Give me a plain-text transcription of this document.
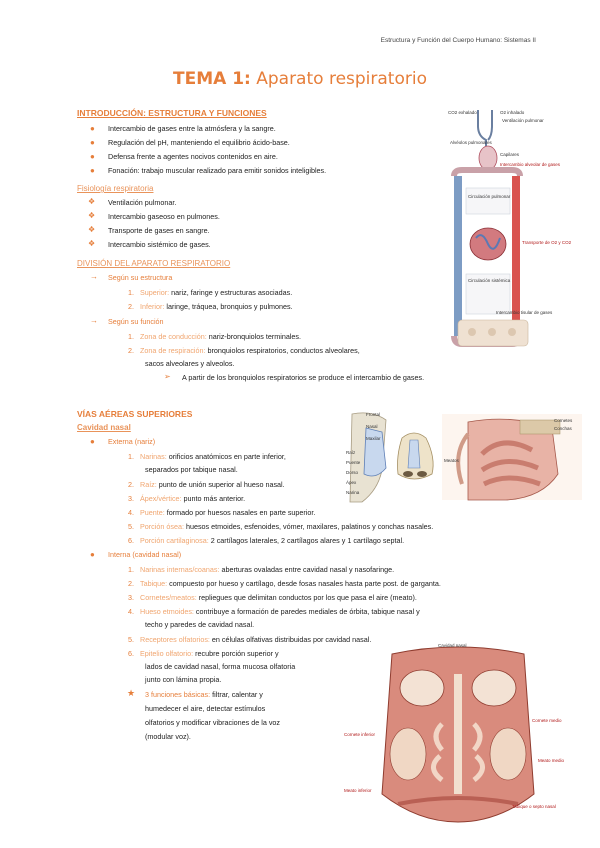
Estructura y Función del Cuerpo Humano: Sistemas II
TEMA 1: Aparato respiratorio
INTRODUCCIÓN: ESTRUCTURA Y FUNCIONES
● Intercambio de gases entre la atmósfera y la sangre.
● Regulación del pH, manteniendo el equilibrio ácido-base.
● Defensa frente a agentes nocivos contenidos en aire.
● Fonación: trabajo muscular realizado para emitir sonidos inteligibles.
Fisiología respiratoria
❖ Ventilación pulmonar.
❖ Intercambio gaseoso en pulmones.
❖ Transporte de gases en sangre.
❖ Intercambio sistémico de gases.
DIVISIÓN DEL APARATO RESPIRATORIO
→ Según su estructura
1. Superior: nariz, faringe y estructuras asociadas.
2. Inferior: laringe, tráquea, bronquios y pulmones.
→ Según su función
1. Zona de conducción: nariz-bronquiolos terminales.
2. Zona de respiración: bronquiolos respiratorios, conductos alveolares,
sacos alveolares y alveolos.
➢ A partir de los bronquiolos respiratorios se produce el intercambio de gases.
CO2 exhalado	O2 inhalado
Ventilación pulmonar
Alvéolos pulmonares
Capilares
Intercambio alveolar de gases
Circulación pulmonar
Circulación sistémica
Transporte de O2 y CO2
Intercambio tisular de gases
VÍAS AÉREAS SUPERIORES
Cavidad nasal
● Externa (nariz)
1. Narinas: orificios anatómicos en parte inferior,
separados por tabique nasal.
2. Raíz: punto de unión superior al hueso nasal.
3. Ápex/vértice: punto más anterior.
4. Puente: formado por huesos nasales en parte superior.
5. Porción ósea: huesos etmoides, esfenoides, vómer, maxilares, palatinos y conchas nasales.
6. Porción cartilaginosa: 2 cartílagos laterales, 2 cartílagos alares y 1 cartílago septal.
● Interna (cavidad nasal)
1. Narinas internas/coanas: aberturas ovaladas entre cavidad nasal y nasofaringe.
2. Tabique: compuesto por hueso y cartílago, desde fosas nasales hasta parte post. de garganta.
3. Cornetes/meatos: repliegues que delimitan conductos por los que pasa el aire (meato).
4. Hueso etmoides: contribuye a formación de paredes mediales de órbita, tabique nasal y
techo y paredes de cavidad nasal.
5. Receptores olfatorios: en células olfativas distribuidas por cavidad nasal.
6. Epitelio olfatorio: recubre porción superior y
lados de cavidad nasal, forma mucosa olfatoria
junto con lámina propia.
★ 3 funciones básicas: filtrar, calentar y
humedecer el aire, detectar estímulos
olfatorios y modificar vibraciones de la voz
(modular voz).
Frontal
Nasal
Maxilar
Raíz
Puente
Dorso
Ápex
Narina
Cornetes
Conchas
Meatos
Cavidad nasal
Cornete medio
Cornete inferior
Meato medio
Meato inferior
Tabique o septo nasal
